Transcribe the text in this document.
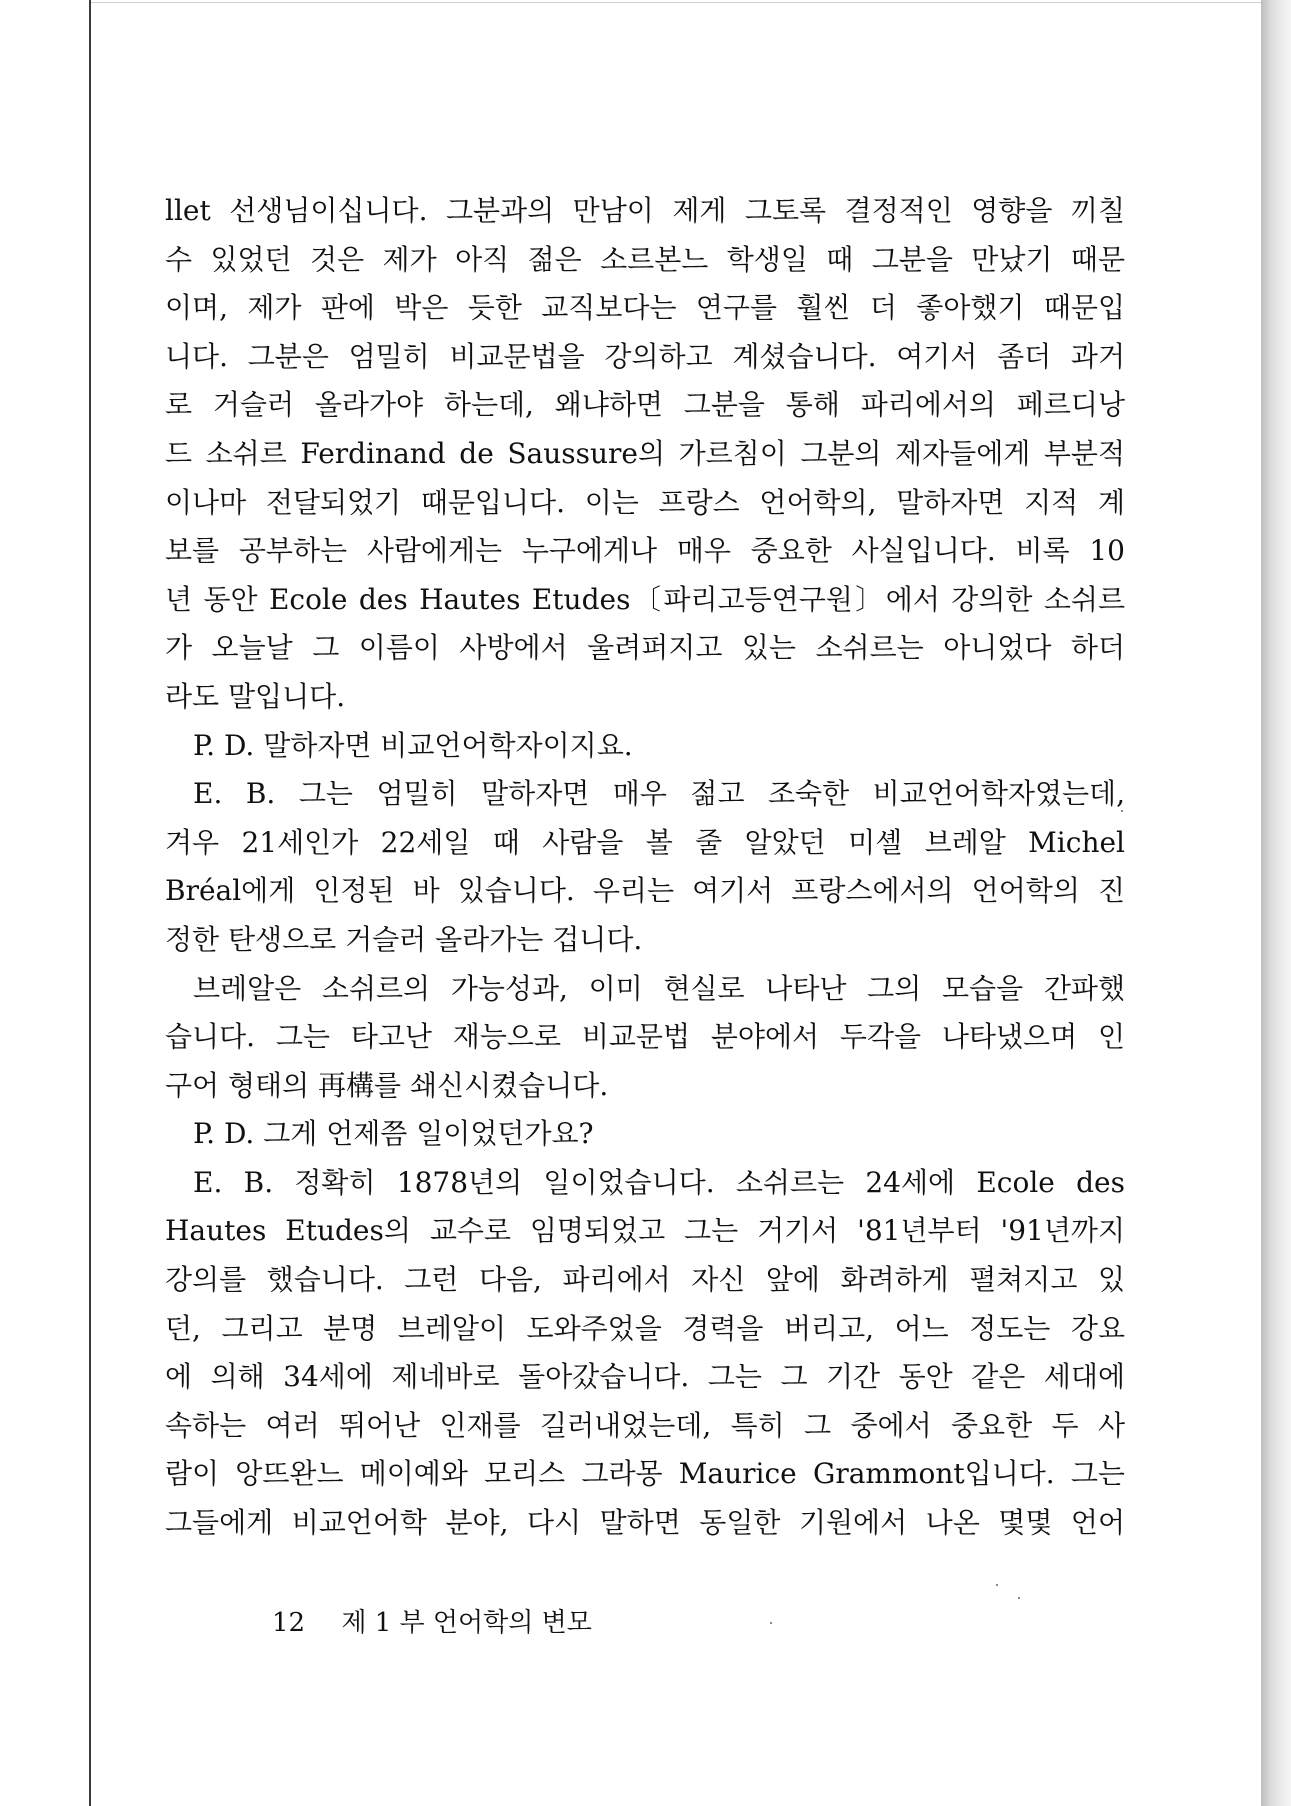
llet 선생님이십니다. 그분과의 만남이 제게 그토록 결정적인 영향을 끼칠
수 있었던 것은 제가 아직 젊은 소르본느 학생일 때 그분을 만났기 때문
이며, 제가 판에 박은 듯한 교직보다는 연구를 훨씬 더 좋아했기 때문입
니다. 그분은 엄밀히 비교문법을 강의하고 계셨습니다. 여기서 좀더 과거
로 거슬러 올라가야 하는데, 왜냐하면 그분을 통해 파리에서의 페르디낭
드 소쉬르 Ferdinand de Saussure의 가르침이 그분의 제자들에게 부분적
이나마 전달되었기 때문입니다. 이는 프랑스 언어학의, 말하자면 지적 계
보를 공부하는 사람에게는 누구에게나 매우 중요한 사실입니다. 비록 10
년 동안 Ecole des Hautes Etudes〔파리고등연구원〕에서 강의한 소쉬르
가 오늘날 그 이름이 사방에서 울려퍼지고 있는 소쉬르는 아니었다 하더
라도 말입니다.
P. D. 말하자면 비교언어학자이지요.
E. B. 그는 엄밀히 말하자면 매우 젊고 조숙한 비교언어학자였는데,
겨우 21세인가 22세일 때 사람을 볼 줄 알았던 미셸 브레알 Michel
Bréal에게 인정된 바 있습니다. 우리는 여기서 프랑스에서의 언어학의 진
정한 탄생으로 거슬러 올라가는 겁니다.
브레알은 소쉬르의 가능성과, 이미 현실로 나타난 그의 모습을 간파했
습니다. 그는 타고난 재능으로 비교문법 분야에서 두각을 나타냈으며 인
구어 형태의 再構를 쇄신시켰습니다.
P. D. 그게 언제쯤 일이었던가요?
E. B. 정확히 1878년의 일이었습니다. 소쉬르는 24세에 Ecole des
Hautes Etudes의 교수로 임명되었고 그는 거기서 '81년부터 '91년까지
강의를 했습니다. 그런 다음, 파리에서 자신 앞에 화려하게 펼쳐지고 있
던, 그리고 분명 브레알이 도와주었을 경력을 버리고, 어느 정도는 강요
에 의해 34세에 제네바로 돌아갔습니다. 그는 그 기간 동안 같은 세대에
속하는 여러 뛰어난 인재를 길러내었는데, 특히 그 중에서 중요한 두 사
람이 앙뜨완느 메이예와 모리스 그라몽 Maurice Grammont입니다. 그는
그들에게 비교언어학 분야, 다시 말하면 동일한 기원에서 나온 몇몇 언어
12 제 1 부 언어학의 변모
